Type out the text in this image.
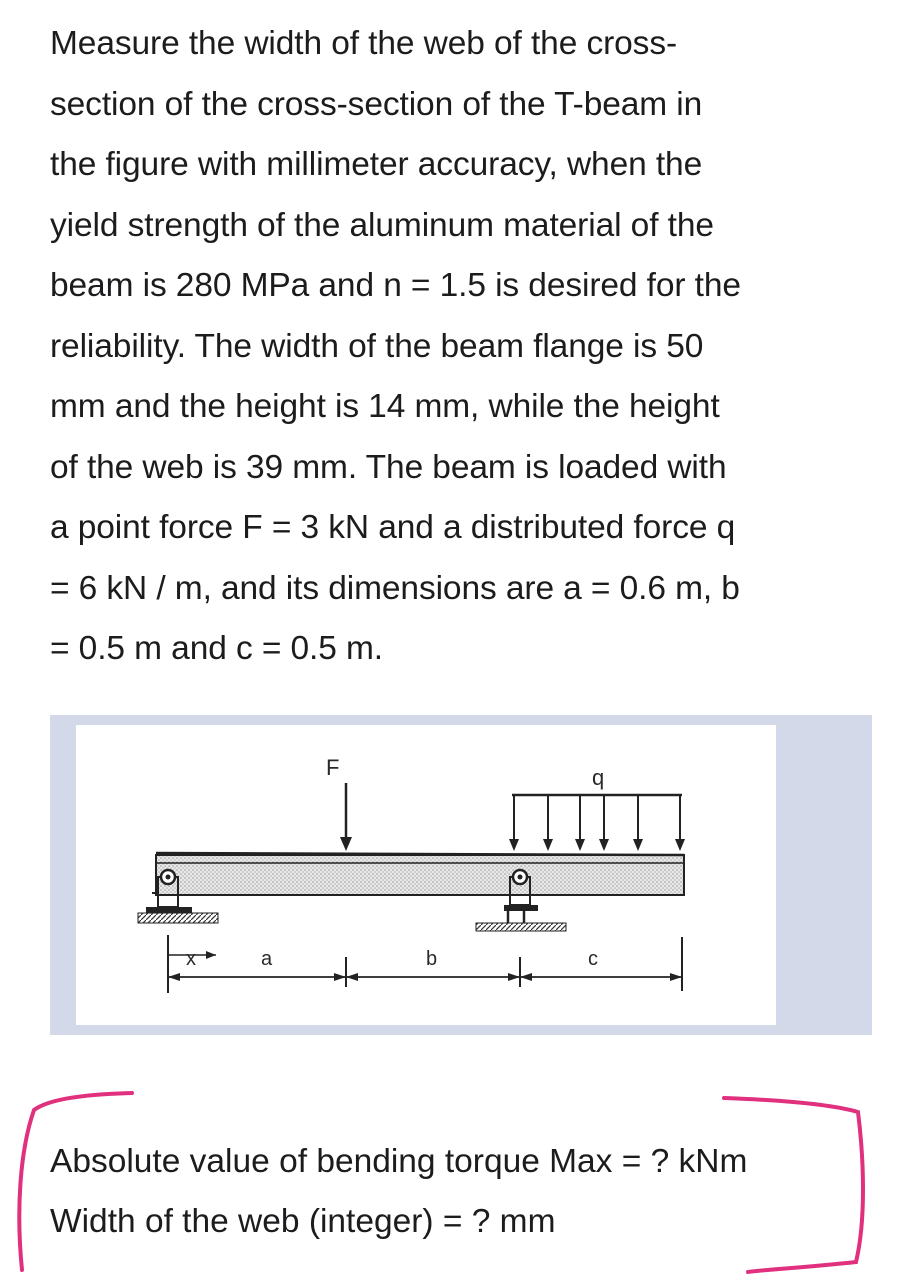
Measure the width of the web of the cross-
section of the cross-section of the T-beam in
the figure with millimeter accuracy, when the
yield strength of the aluminum material of the
beam is 280 MPa and n = 1.5 is desired for the
reliability. The width of the beam flange is 50
mm and the height is 14 mm, while the height
of the web is 39 mm. The beam is loaded with
a point force F = 3 kN and a distributed force q
= 6 kN / m, and its dimensions are a = 0.6 m, b
= 0.5 m and c = 0.5 m.
F	q
x	a	b	c
Absolute value of bending torque Max = ? kNm
Width of the web (integer) = ? mm
